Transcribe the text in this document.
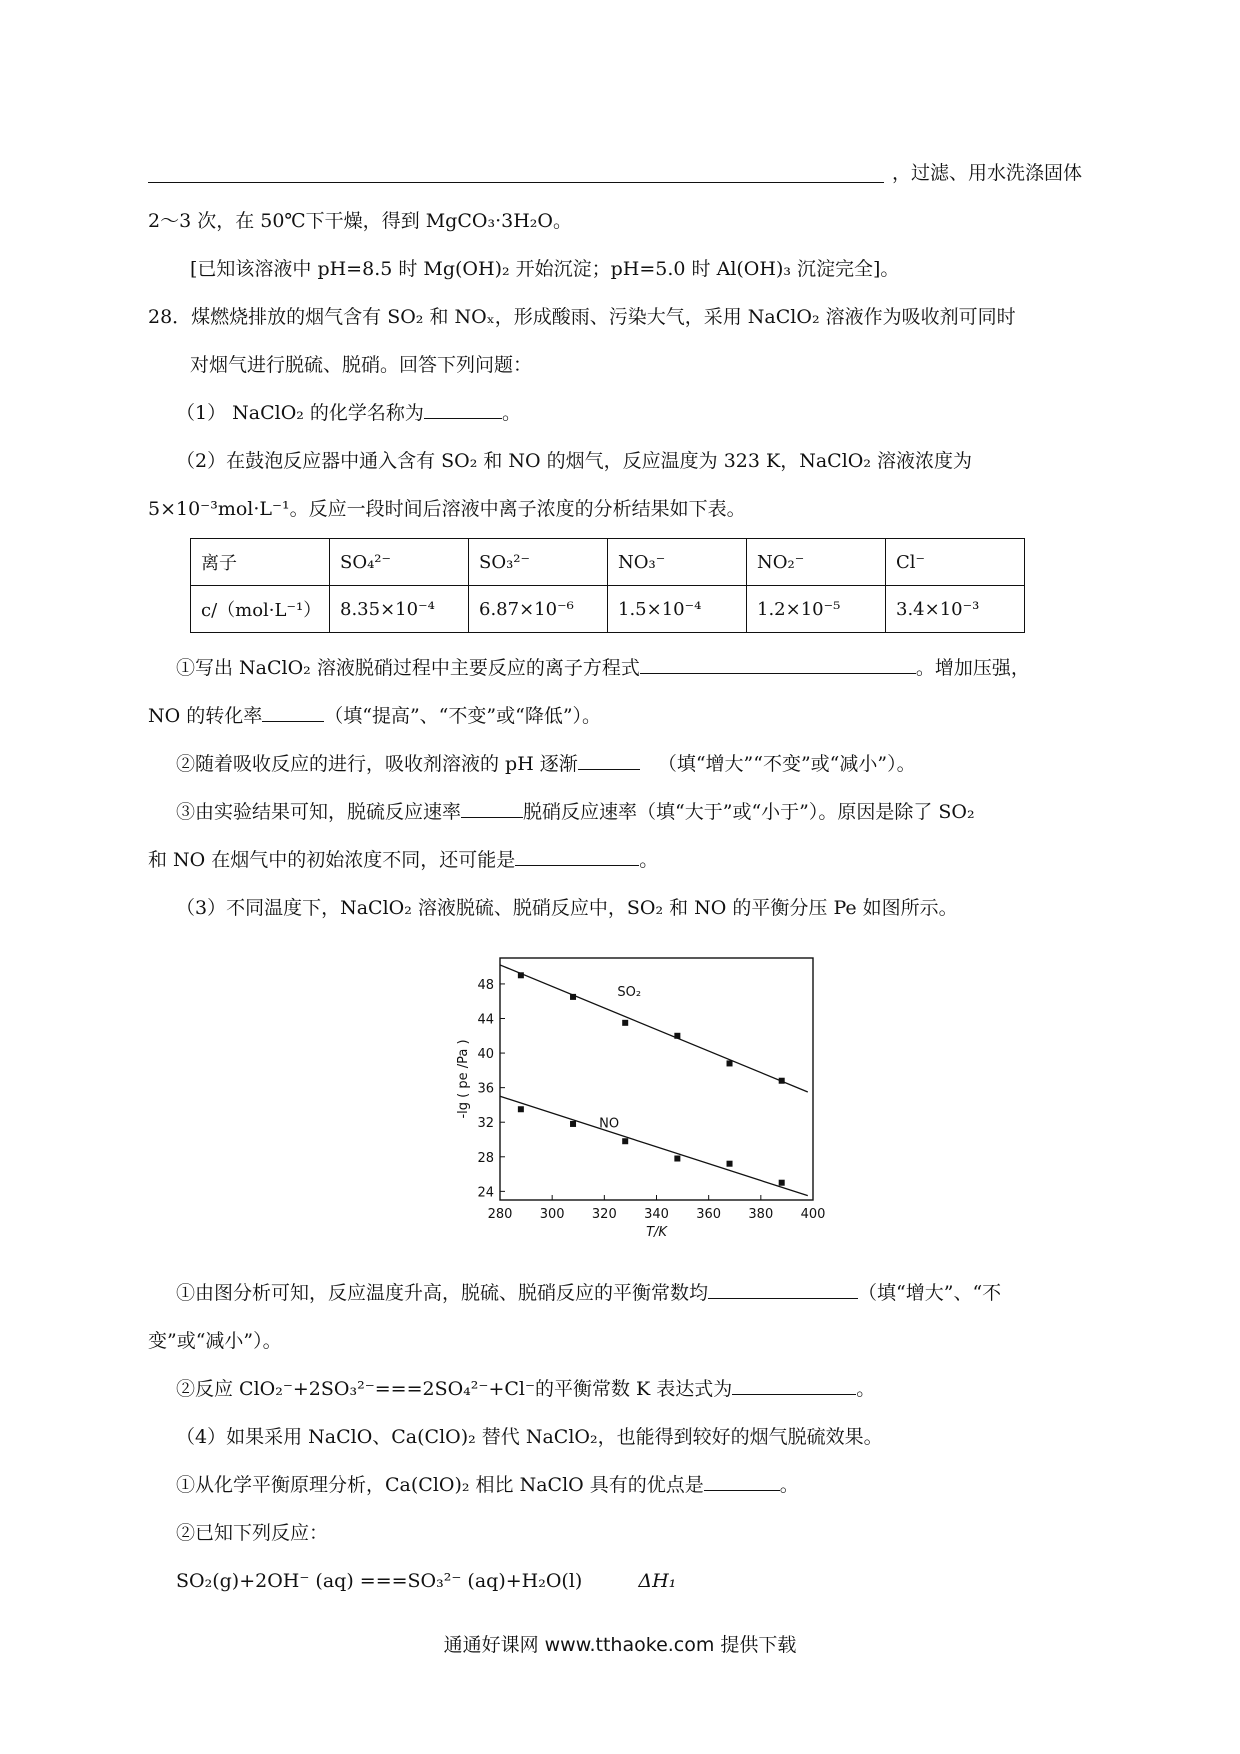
，过滤、用水洗涤固体
2～3 次，在 50℃下干燥，得到 MgCO₃·3H₂O。
[已知该溶液中 pH=8.5 时 Mg(OH)₂ 开始沉淀；pH=5.0 时 Al(OH)₃ 沉淀完全]。
28．煤燃烧排放的烟气含有 SO₂ 和 NOₓ，形成酸雨、污染大气，采用 NaClO₂ 溶液作为吸收剂可同时
对烟气进行脱硫、脱硝。回答下列问题：
（1） NaClO₂ 的化学名称为	。
（2）在鼓泡反应器中通入含有 SO₂ 和 NO 的烟气，反应温度为 323 K，NaClO₂ 溶液浓度为
5×10⁻³mol·L⁻¹。反应一段时间后溶液中离子浓度的分析结果如下表。
离子	SO₄²⁻	SO₃²⁻	NO₃⁻	NO₂⁻	Cl⁻
c/（mol·L⁻¹）	8.35×10⁻⁴	6.87×10⁻⁶	1.5×10⁻⁴	1.2×10⁻⁵	3.4×10⁻³
①写出 NaClO₂ 溶液脱硝过程中主要反应的离子方程式	。增加压强，
NO 的转化率	（填“提高”、“不变”或“降低”）。
②随着吸收反应的进行，吸收剂溶液的 pH 逐渐	（填“增大”“不变”或“减小”）。
③由实验结果可知，脱硫反应速率	脱硝反应速率（填“大于”或“小于”）。原因是除了 SO₂
和 NO 在烟气中的初始浓度不同，还可能是	。
（3）不同温度下，NaClO₂ 溶液脱硫、脱硝反应中，SO₂ 和 NO 的平衡分压 Pe 如图所示。
280 300 320 340 360 380 400
24
28
32
36
40
44
48
T/K
-lg ( pe /Pa )
SO₂
NO
①由图分析可知，反应温度升高，脱硫、脱硝反应的平衡常数均	（填“增大”、“不
变”或“减小”）。
②反应 ClO₂⁻+2SO₃²⁻===2SO₄²⁻+Cl⁻的平衡常数 K 表达式为	。
（4）如果采用 NaClO、Ca(ClO)₂ 替代 NaClO₂，也能得到较好的烟气脱硫效果。
①从化学平衡原理分析，Ca(ClO)₂ 相比 NaClO 具有的优点是	。
②已知下列反应：
SO₂(g)+2OH⁻ (aq) ===SO₃²⁻ (aq)+H₂O(l)	ΔH₁
通通好课网 www.tthaoke.com 提供下载
